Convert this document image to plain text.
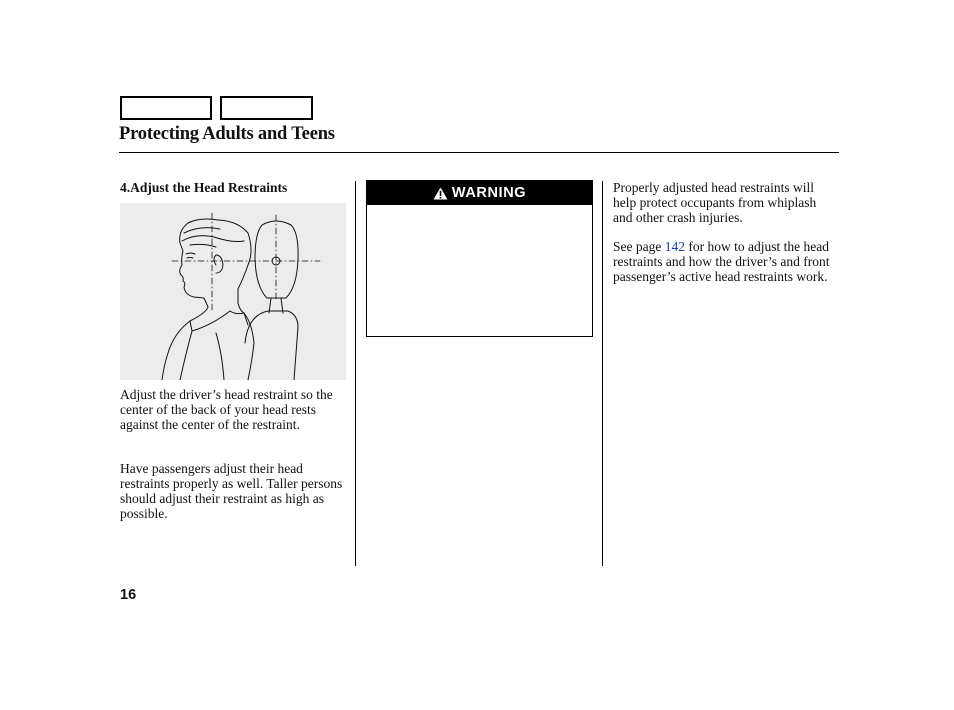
Protecting Adults and Teens
4.Adjust the Head Restraints

Adjust the driver’s head restraint so the center of the back of your head rests against the center of the restraint.

Have passengers adjust their head restraints properly as well. Taller persons should adjust their restraint as high as possible.

WARNING	Properly adjusted head restraints will help protect occupants from whiplash and other crash injuries.

See page 142 for how to adjust the head restraints and how the driver’s and front passenger’s active head restraints work.

16
